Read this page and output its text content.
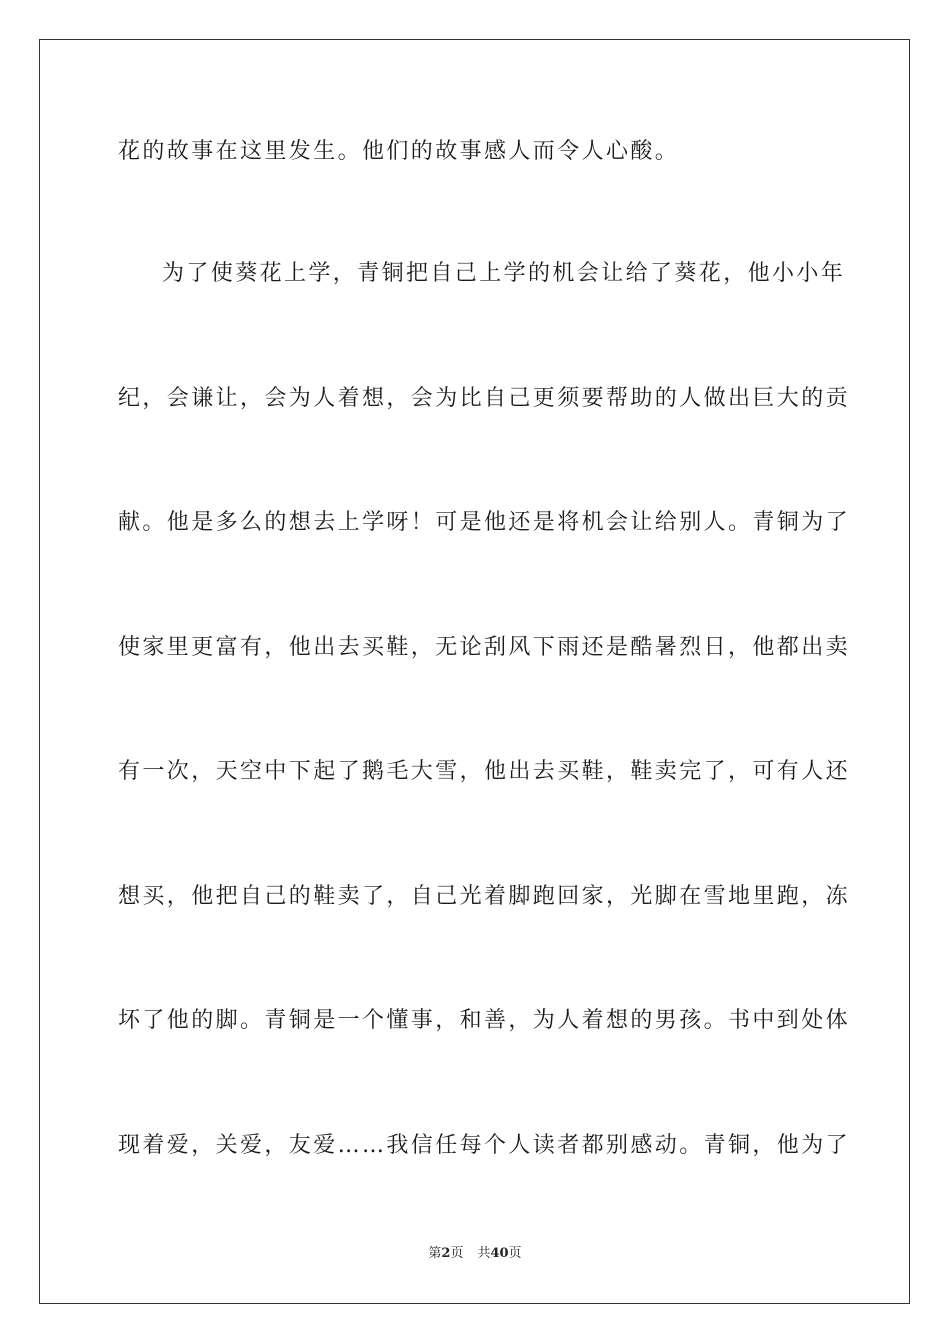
花的故事在这里发生。他们的故事感人而令人心酸。
为了使葵花上学，青铜把自己上学的机会让给了葵花，他小小年
纪，会谦让，会为人着想，会为比自己更须要帮助的人做出巨大的贡
献。他是多么的想去上学呀！可是他还是将机会让给别人。青铜为了
使家里更富有，他出去买鞋，无论刮风下雨还是酷暑烈日，他都出卖
有一次，天空中下起了鹅毛大雪，他出去买鞋，鞋卖完了，可有人还
想买，他把自己的鞋卖了，自己光着脚跑回家，光脚在雪地里跑，冻
坏了他的脚。青铜是一个懂事，和善，为人着想的男孩。书中到处体
现着爱，关爱，友爱……我信任每个人读者都别感动。青铜，他为了
第2页 共40页
